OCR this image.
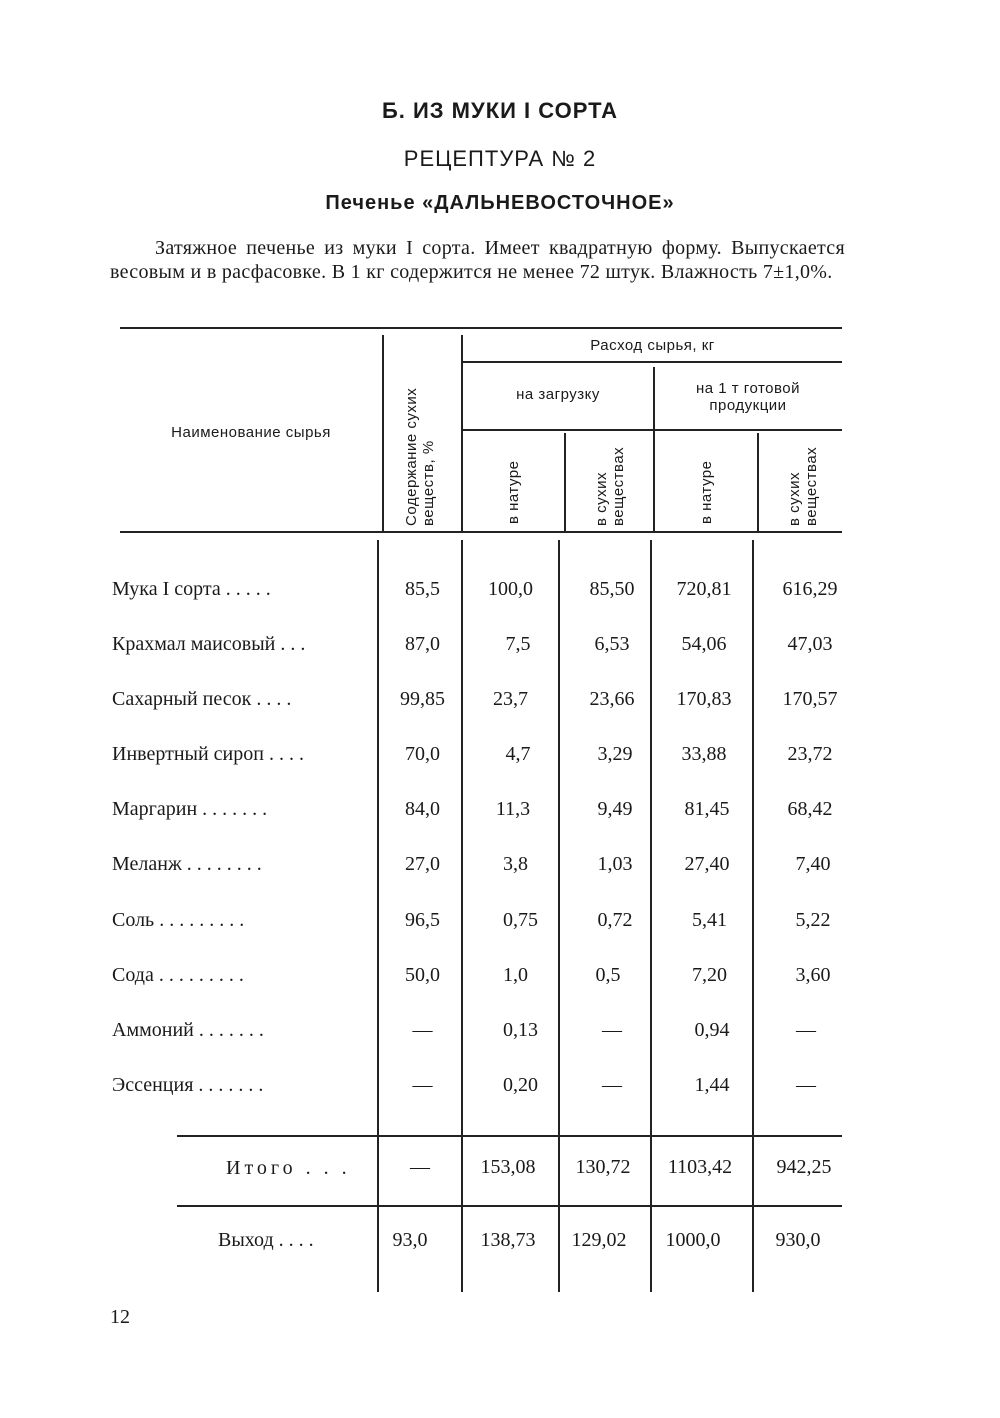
Б. ИЗ МУКИ I СОРТА
РЕЦЕПТУРА № 2
Печенье «ДАЛЬНЕВОСТОЧНОЕ»
Затяжное печенье из муки I сорта. Имеет квадратную форму. Выпускается весовым и в расфасовке. В 1 кг содержится не менее 72 штук. Влажность 7±1,0%.
Наименование сырья
Расход сырья, кг
на загрузку	на 1 т готовой продукции
Содержание сухих веществ, %	в натуре	в сухих веществах	в натуре	в сухих веществах
Мука I сорта . . . . .	85,5	100,0	85,50	720,81	616,29
Крахмал маисовый . . .	87,0	7,5	6,53	54,06	47,03
Сахарный песок . . . .	99,85	23,7	23,66	170,83	170,57
Инвертный сироп . . . .	70,0	4,7	3,29	33,88	23,72
Маргарин . . . . . . .	84,0	11,3	9,49	81,45	68,42
Меланж . . . . . . . .	27,0	3,8	1,03	27,40	7,40
Соль . . . . . . . . .	96,5	0,75	0,72	5,41	5,22
Сода . . . . . . . . .	50,0	1,0	0,5	7,20	3,60
Аммоний . . . . . . .	—	0,13	—	0,94	—
Эссенция . . . . . . .	—	0,20	—	1,44	—
Итого . . .	—	153,08	130,72	1103,42	942,25
Выход . . . .	93,0	138,73	129,02	1000,0	930,0
12
